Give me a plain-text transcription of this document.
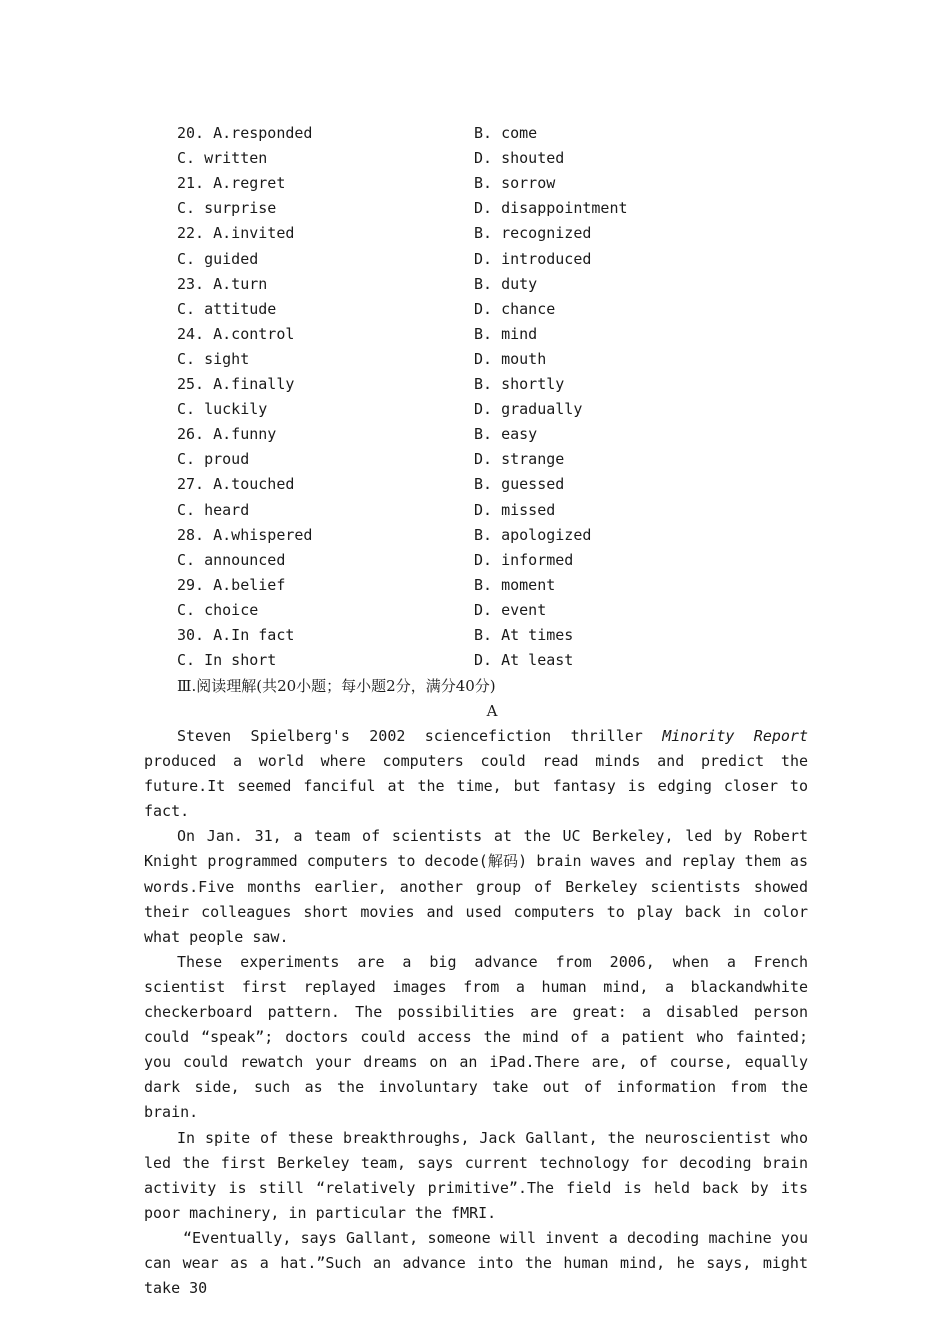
20. A.responded	B. come
C. written	D. shouted
21. A.regret	B. sorrow
C. surprise	D. disappointment
22. A.invited	B. recognized
C. guided	D. introduced
23. A.turn	B. duty
C. attitude	D. chance
24. A.control	B. mind
C. sight	D. mouth
25. A.finally	B. shortly
C. luckily	D. gradually
26. A.funny	B. easy
C. proud	D. strange
27. A.touched	B. guessed
C. heard	D. missed
28. A.whispered	B. apologized
C. announced	D. informed
29. A.belief	B. moment
C. choice	D. event
30. A.In fact	B. At times
C. In short	D. At least
Ⅲ.阅读理解(共20小题；每小题2分，满分40分)
A

Steven Spielberg's 2002 sciencefiction thriller Minority Report produced a world where computers could read minds and predict the future.It seemed fanciful at the time, but fantasy is edging closer to fact.

On Jan. 31, a team of scientists at the UC Berkeley, led by Robert Knight programmed computers to decode(解码) brain waves and replay them as words.Five months earlier, another group of Berkeley scientists showed their colleagues short movies and used computers to play back in color what people saw.

These experiments are a big advance from 2006, when a French scientist first replayed images from a human mind, a blackandwhite checkerboard pattern. The possibilities are great: a disabled person could “speak”; doctors could access the mind of a patient who fainted; you could rewatch your dreams on an iPad.There are, of course, equally dark side, such as the involuntary take out of information from the brain.

In spite of these breakthroughs, Jack Gallant, the neuroscientist who led the first Berkeley team, says current technology for decoding brain activity is still “relatively primitive”.The field is held back by its poor machinery, in particular the fMRI.

“Eventually, says Gallant, someone will invent a decoding machine you can wear as a hat.”Such an advance into the human mind, he says, might take 30
